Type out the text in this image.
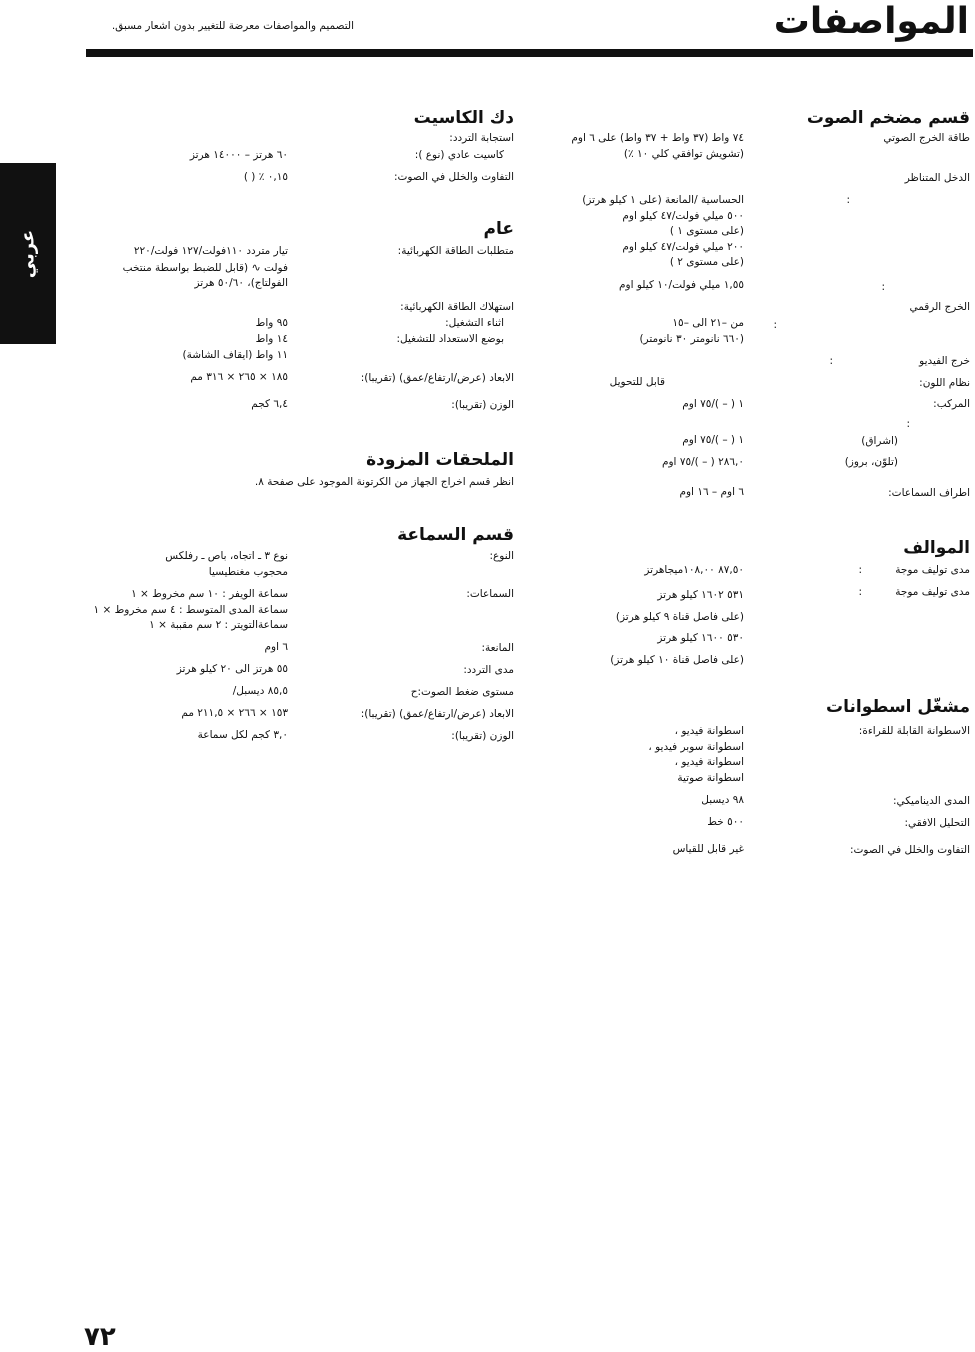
المواصفات
التصميم والمواصفات معرضة للتغيير بدون اشعار مسبق.
عربي
قسم مضخم الصوت
طاقة الخرج الصوتي
٧٤ واط (٣٧ واط + ٣٧ واط) على ٦ اوم
(تشويش توافقي كلي ١٠ ٪)
الدخل المتناظر
الحساسية /المانعة (على ١ كيلو هرتز)
٥٠٠ ميلي فولت/٤٧ كيلو اوم
(على مستوى ١ )
٢٠٠ ميلي فولت/٤٧ كيلو اوم
(على مستوى ٢ )
:
١,٥٥ ميلي فولت/١٠ كيلو اوم	:
الخرج الرقمي
من –٢١ الى –١٥
(٦٦٠ نانومتر ٣٠ نانومتر)
:
خرج الفيديو
:
نظام اللون:
قابل للتحويل
المركب:
١ ( – )/٧٥ اوم
:
(اشراق)
١ ( – )/٧٥ اوم
(تلوّن، بروز)
٢٨٦,٠ ( – )/٧٥ اوم
اطراف السماعات:
٦ اوم – ١٦ اوم
الموالف
مدى توليف موجة
:
٨٧,٥٠ ١٠٨,٠٠ميجاهرتز
مدى توليف موجة
:
٥٣١ ١٦٠٢ كيلو هرتز
(على فاصل قناة ٩ كيلو هرتز)
٥٣٠ ١٦٠٠ كيلو هرتز
(على فاصل قناة ١٠ كيلو هرتز)
مشغّل اسطوانات
الاسطوانة القابلة للقراءة:
اسطوانة فيديو ،
اسطوانة سوبر فيديو ،
اسطوانة فيديو ،
اسطوانة صوتية
المدى الديناميكي:
٩٨ ديسبل
التحليل الافقي:
٥٠٠ خط
التفاوت والخلل في الصوت:
غير قابل للقياس
دك الكاسيت
استجابة التردد:
كاسيت عادي (نوع ):
٦٠ هرتز – ١٤٠٠٠ هرتز
التفاوت والخلل في الصوت:
٠,١٥ ٪ ( )
عام
متطلبات الطاقة الكهربائية:
تيار متردد ١١٠فولت/١٢٧ فولت/٢٢٠
فولت ∿ (قابل للضبط بواسطة منتخب
الفولتاج)، ٥٠/٦٠ هرتز
استهلاك الطاقة الكهربائية:
اثناء التشغيل:
٩٥ واط
بوضع الاستعداد للتشغيل:
١٤ واط
١١ واط (ايقاف الشاشة)
الابعاد (عرض/ارتفاع/عمق) (تقريبا):
١٨٥ × ٢٦٥ × ٣١٦ مم
الوزن (تقريبا):
٦,٤ كجم
الملحقات المزودة
انظر قسم اخراج الجهاز من الكرتونة الموجود على صفحة ٨.
قسم السماعة
النوع:
نوع ٣ ـ اتجاه، باص ـ رفلكس
محجوب مغنطيسيا
السماعات:
سماعة الويفر : ١٠ سم مخروط × ١
سماعة المدى المتوسط : ٤ سم مخروط × ١
سماعةالتويتر : ٢ سم مقببة × ١
المانعة:
٦ اوم
مدى التردد:
٥٥ هرتز الى ٢٠ كيلو هرتز
مستوى ضغط الصوت:ح
٨٥,٥ ديسبل/
الابعاد (عرض/ارتفاع/عمق) (تقريبا):
١٥٣ × ٢٦٦ × ٢١١,٥ مم
الوزن (تقريبا):
٣,٠ كجم لكل سماعة
٧٢
